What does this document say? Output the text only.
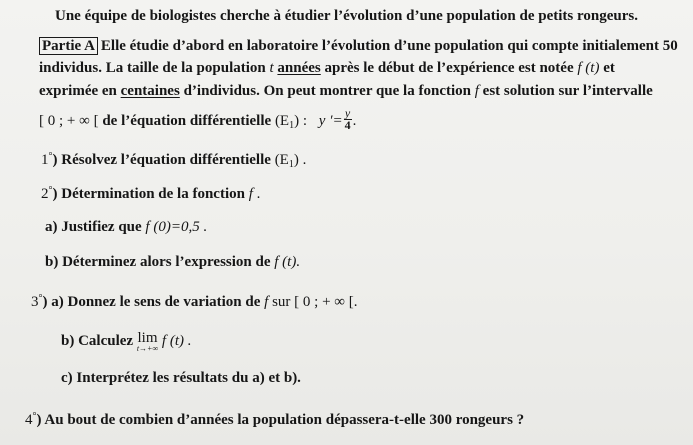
Une équipe de biologistes cherche à étudier l’évolution d’une population de petits rongeurs.
Partie A Elle étudie d’abord en laboratoire l’évolution d’une population qui compte initialement 50
individus. La taille de la population t années après le début de l’expérience est notée f (t) et
exprimée en centaines d’individus. On peut montrer que la fonction f est solution sur l’intervalle
[ 0 ; + ∞ [ de l’équation différentielle $(E_1)$ : y ′= $\frac{y}{4}$ .
1°) Résolvez l’équation différentielle $(E_1)$ .
2°) Détermination de la fonction f .
a) Justifiez que f (0)=0,5 .
b) Déterminez alors l’expression de f (t).
3°) a) Donnez le sens de variation de f sur [ 0 ; + ∞ [.
b) Calculez lim
t→+∞ f (t) .
c) Interprétez les résultats du a) et b).
4°) Au bout de combien d’années la population dépassera-t-elle 300 rongeurs ?
